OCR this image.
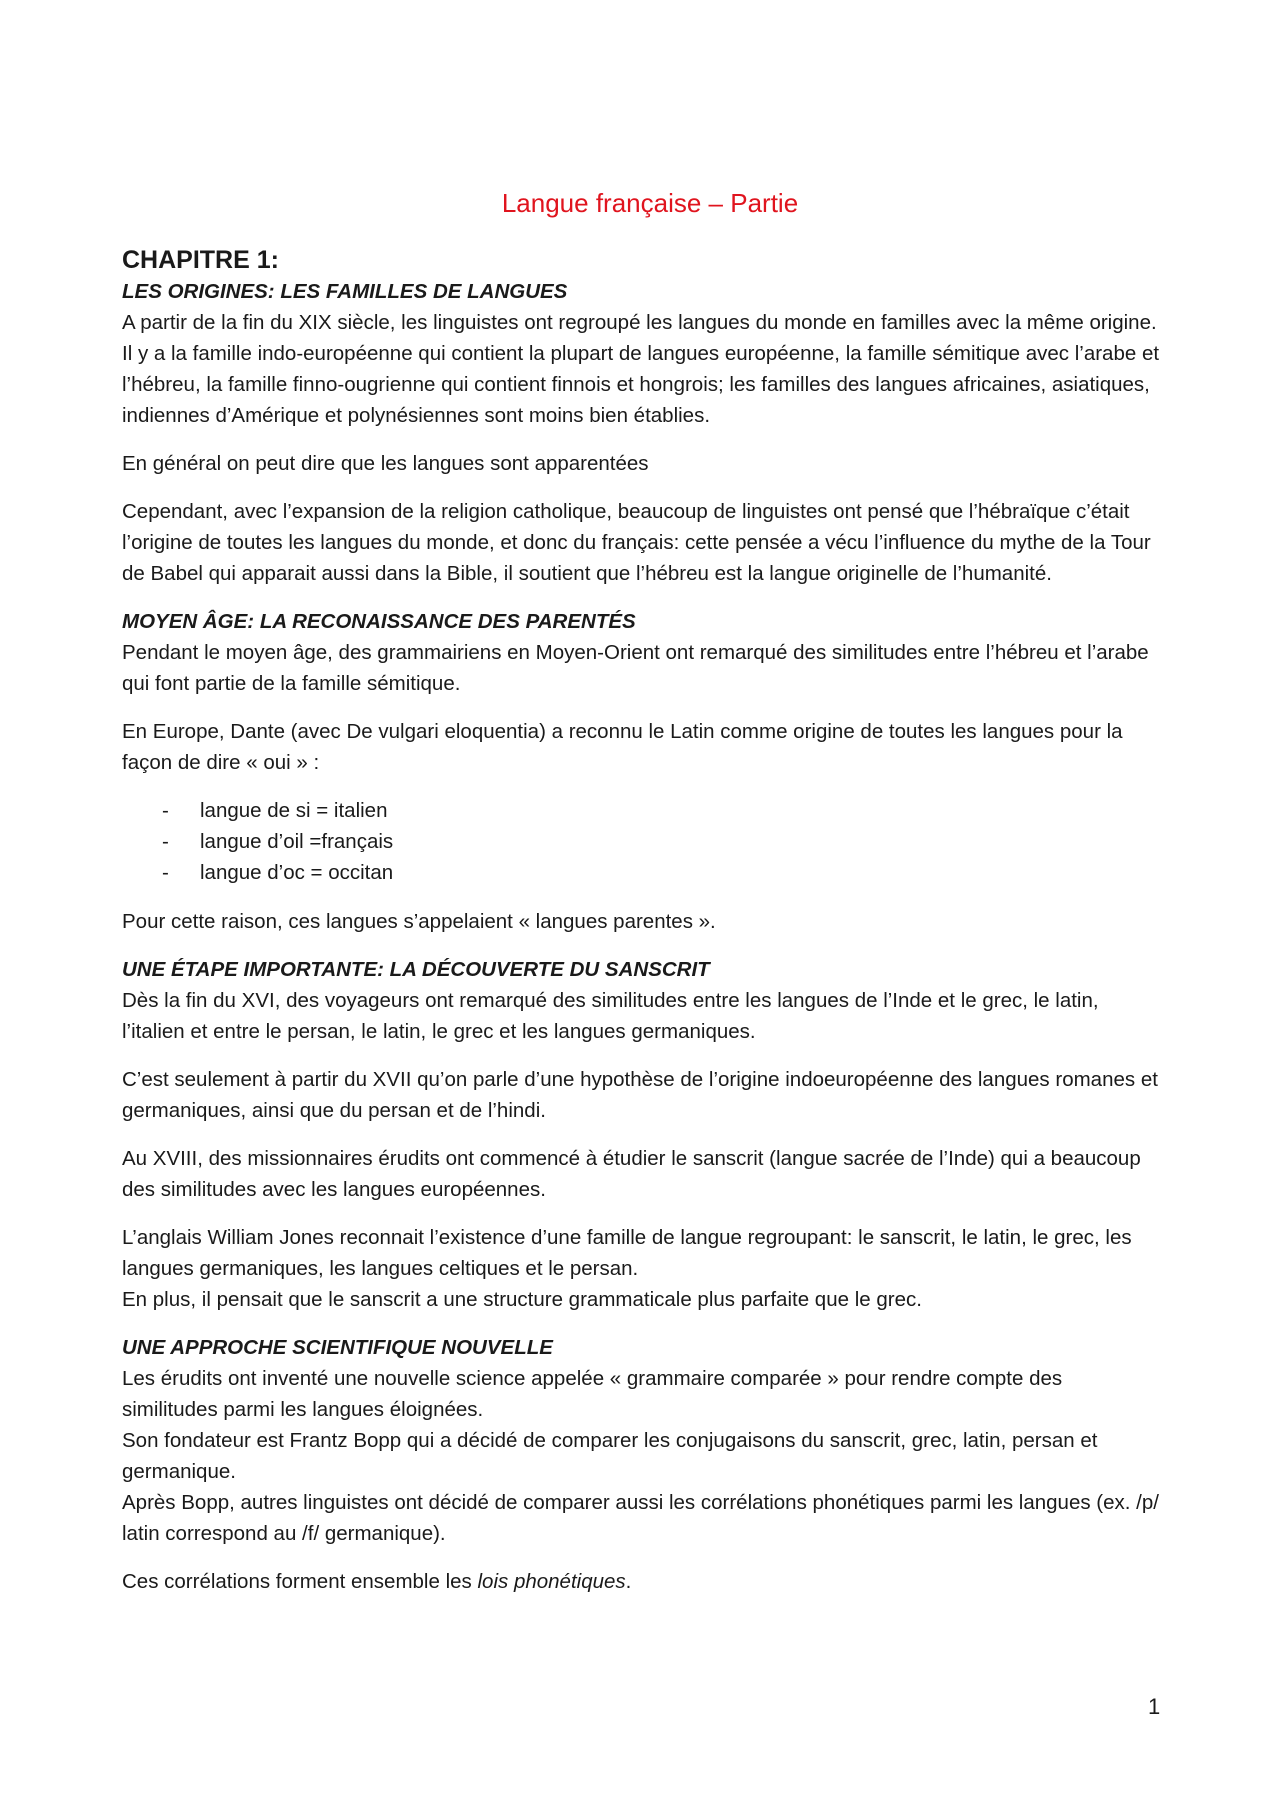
Langue française – Partie
CHAPITRE 1:
LES ORIGINES: LES FAMILLES DE LANGUES

A partir de la fin du XIX siècle, les linguistes ont regroupé les langues du monde en familles avec la même origine. Il y a la famille indo-européenne qui contient la plupart de langues européenne, la famille sémitique avec l’arabe et l’hébreu, la famille finno-ougrienne qui contient finnois et hongrois; les familles des langues africaines, asiatiques, indiennes d’Amérique et polynésiennes sont moins bien établies.

En général on peut dire que les langues sont apparentées

Cependant, avec l’expansion de la religion catholique, beaucoup de linguistes ont pensé que l’hébraïque c’était l’origine de toutes les langues du monde, et donc du français: cette pensée a vécu l’influence du mythe de la Tour de Babel qui apparait aussi dans la Bible, il soutient que l’hébreu est la langue originelle de l’humanité.

MOYEN ÂGE: LA RECONAISSANCE DES PARENTÉS

Pendant le moyen âge, des grammairiens en Moyen-Orient ont remarqué des similitudes entre l’hébreu et l’arabe qui font partie de la famille sémitique.

En Europe, Dante (avec De vulgari eloquentia) a reconnu le Latin comme origine de toutes les langues pour la façon de dire « oui » :

- langue de si = italien
- langue d’oil =français
- langue d’oc = occitan

Pour cette raison, ces langues s’appelaient « langues parentes ».

UNE ÉTAPE IMPORTANTE: LA DÉCOUVERTE DU SANSCRIT

Dès la fin du XVI, des voyageurs ont remarqué des similitudes entre les langues de l’Inde et le grec, le latin, l’italien et entre le persan, le latin, le grec et les langues germaniques.

C’est seulement à partir du XVII qu’on parle d’une hypothèse de l’origine indoeuropéenne des langues romanes et germaniques, ainsi que du persan et de l’hindi.

Au XVIII, des missionnaires érudits ont commencé à étudier le sanscrit (langue sacrée de l’Inde) qui a beaucoup des similitudes avec les langues européennes.

L’anglais William Jones reconnait l’existence d’une famille de langue regroupant: le sanscrit, le latin, le grec, les langues germaniques, les langues celtiques et le persan.
En plus, il pensait que le sanscrit a une structure grammaticale plus parfaite que le grec.

UNE APPROCHE SCIENTIFIQUE NOUVELLE

Les érudits ont inventé une nouvelle science appelée « grammaire comparée » pour rendre compte des similitudes parmi les langues éloignées.
Son fondateur est Frantz Bopp qui a décidé de comparer les conjugaisons du sanscrit, grec, latin, persan et germanique.
Après Bopp, autres linguistes ont décidé de comparer aussi les corrélations phonétiques parmi les langues (ex. /p/ latin correspond au /f/ germanique).

Ces corrélations forment ensemble les lois phonétiques.

1
